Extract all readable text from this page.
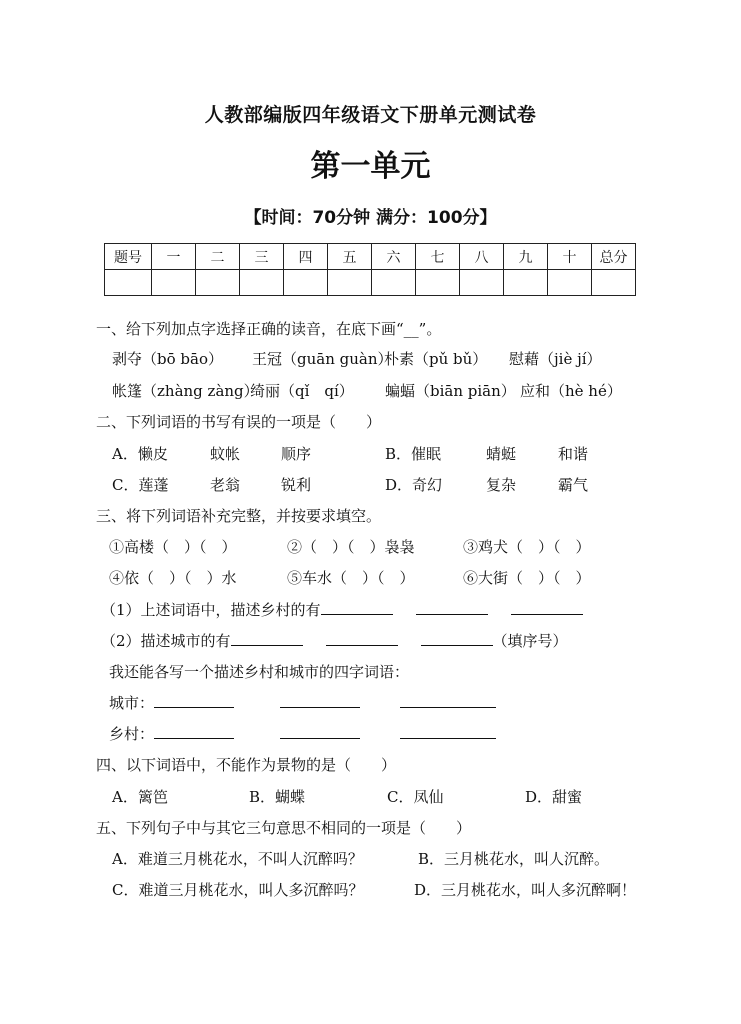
人教部编版四年级语文下册单元测试卷
第一单元
【时间：70分钟 满分：100分】
题号	一	二	三	四	五	六	七	八	九	十	总分

一、给下列加点字选择正确的读音，在底下画“__”。
剥夺（bō bāo） 王冠（guān guàn）
朴素（pǔ bǔ） 慰藉（jiè jí）
帐篷（zhàng zàng）
绮丽（qǐ　qí） 蝙蝠（biān piān） 应和（hè hé）
二、下列词语的书写有误的一项是（　　）
A．懒皮	蚊帐	顺序	B．催眠	蜻蜓	和谐
C．莲蓬	老翁	锐利	D．奇幻	复杂	霸气
三、将下列词语补充完整，并按要求填空。
①高楼（　）（　）	②（　）（　）袅袅	③鸡犬（　）（　）
④依（　）（　）水	⑤车水（　）（　）	⑥大街（　）（　）
（1）上述词语中，描述乡村的有
（2）描述城市的有	（填序号）
我还能各写一个描述乡村和城市的四字词语：
城市：
乡村：
四、以下词语中，不能作为景物的是（　　）
A．篱笆	B．蝴蝶	C．凤仙	D．甜蜜
五、下列句子中与其它三句意思不相同的一项是（　　）
A．难道三月桃花水，不叫人沉醉吗？	B．三月桃花水，叫人沉醉。
C．难道三月桃花水，叫人多沉醉吗？	D．三月桃花水，叫人多沉醉啊！
